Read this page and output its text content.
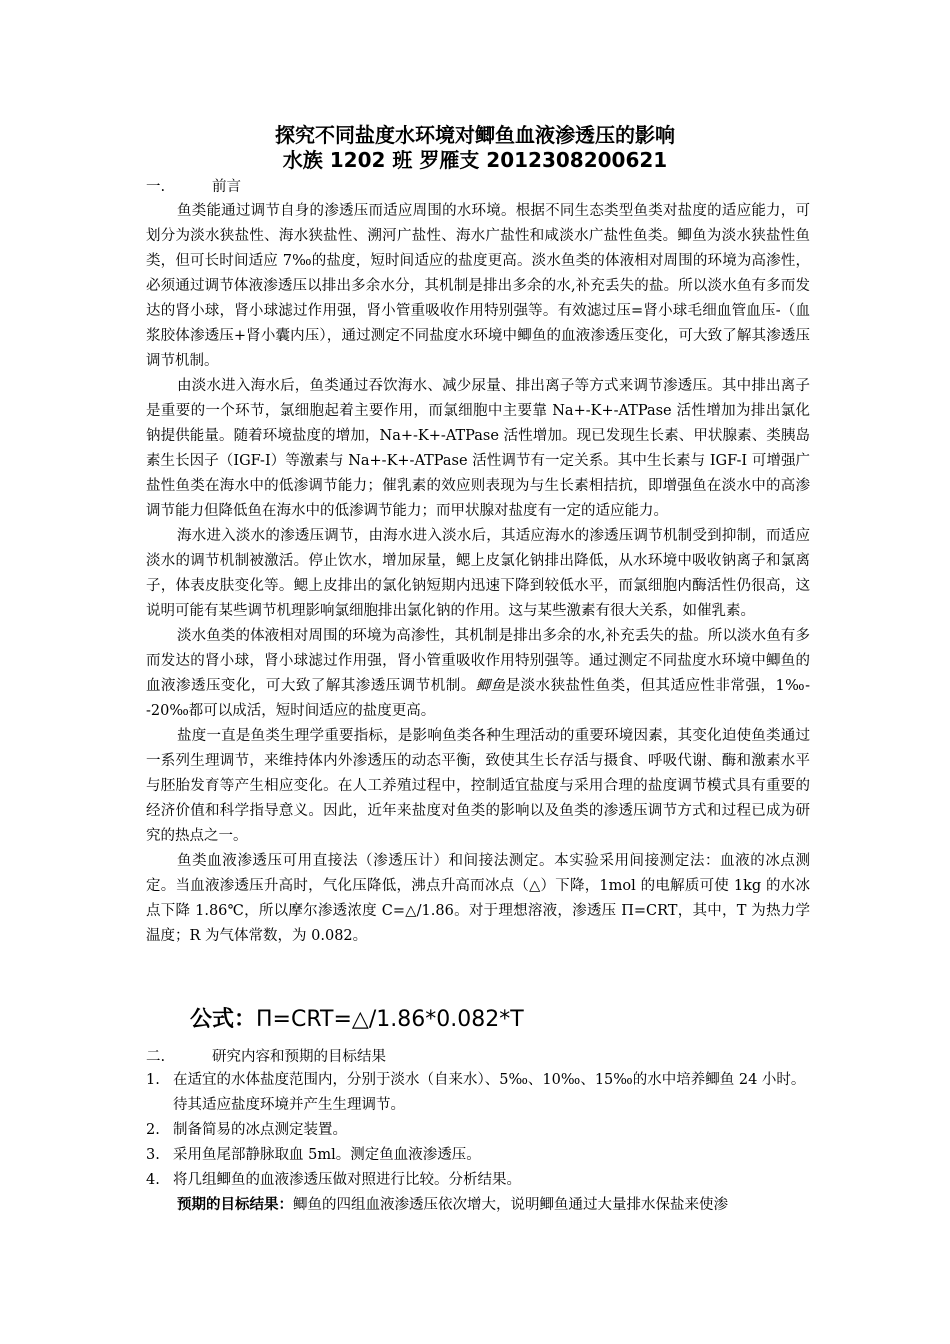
探究不同盐度水环境对鲫鱼血液渗透压的影响
水族 1202 班 罗雁支 2012308200621
一.	前言

鱼类能通过调节自身的渗透压而适应周围的水环境。根据不同生态类型鱼类对盐度的适应能力，可划分为淡水狭盐性、海水狭盐性、溯河广盐性、海水广盐性和咸淡水广盐性鱼类。鲫鱼为淡水狭盐性鱼类，但可长时间适应 7‰的盐度，短时间适应的盐度更高。淡水鱼类的体液相对周围的环境为高渗性，必须通过调节体液渗透压以排出多余水分，其机制是排出多余的水,补充丢失的盐。所以淡水鱼有多而发达的肾小球，肾小球滤过作用强，肾小管重吸收作用特别强等。有效滤过压=肾小球毛细血管血压-（血浆胶体渗透压+肾小囊内压），通过测定不同盐度水环境中鲫鱼的血液渗透压变化，可大致了解其渗透压调节机制。

由淡水进入海水后，鱼类通过吞饮海水、减少尿量、排出离子等方式来调节渗透压。其中排出离子是重要的一个环节，氯细胞起着主要作用，而氯细胞中主要靠 Na+-K+-ATPase 活性增加为排出氯化钠提供能量。随着环境盐度的增加，Na+-K+-ATPase 活性增加。现已发现生长素、甲状腺素、类胰岛素生长因子（IGF-I）等激素与 Na+-K+-ATPase 活性调节有一定关系。其中生长素与 IGF-I 可增强广盐性鱼类在海水中的低渗调节能力；催乳素的效应则表现为与生长素相拮抗，即增强鱼在淡水中的高渗调节能力但降低鱼在海水中的低渗调节能力；而甲状腺对盐度有一定的适应能力。

海水进入淡水的渗透压调节，由海水进入淡水后，其适应海水的渗透压调节机制受到抑制，而适应淡水的调节机制被激活。停止饮水，增加尿量，鳃上皮氯化钠排出降低，从水环境中吸收钠离子和氯离子，体表皮肤变化等。鳃上皮排出的氯化钠短期内迅速下降到较低水平，而氯细胞内酶活性仍很高，这说明可能有某些调节机理影响氯细胞排出氯化钠的作用。这与某些激素有很大关系，如催乳素。

淡水鱼类的体液相对周围的环境为高渗性，其机制是排出多余的水,补充丢失的盐。所以淡水鱼有多而发达的肾小球，肾小球滤过作用强，肾小管重吸收作用特别强等。通过测定不同盐度水环境中鲫鱼的血液渗透压变化，可大致了解其渗透压调节机制。鲫鱼是淡水狭盐性鱼类，但其适应性非常强，1‰--20‰都可以成活，短时间适应的盐度更高。

盐度一直是鱼类生理学重要指标，是影响鱼类各种生理活动的重要环境因素，其变化迫使鱼类通过一系列生理调节，来维持体内外渗透压的动态平衡，致使其生长存活与摄食、呼吸代谢、酶和激素水平与胚胎发育等产生相应变化。在人工养殖过程中，控制适宜盐度与采用合理的盐度调节模式具有重要的经济价值和科学指导意义。因此，近年来盐度对鱼类的影响以及鱼类的渗透压调节方式和过程已成为研究的热点之一。

鱼类血液渗透压可用直接法（渗透压计）和间接法测定。本实验采用间接测定法：血液的冰点测定。当血液渗透压升高时，气化压降低，沸点升高而冰点（△）下降，1mol 的电解质可使 1kg 的水冰点下降 1.86℃，所以摩尔渗透浓度 C=△/1.86。对于理想溶液，渗透压 Π=CRT，其中，T 为热力学温度；R 为气体常数，为 0.082。

公式：Π=CRT=△/1.86*0.082*T
二.	研究内容和预期的目标结果
1. 在适宜的水体盐度范围内，分别于淡水（自来水）、5‰、10‰、15‰的水中培养鲫鱼 24 小时。待其适应盐度环境并产生生理调节。
2. 制备简易的冰点测定装置。
3. 采用鱼尾部静脉取血 5ml。测定鱼血液渗透压。
4. 将几组鲫鱼的血液渗透压做对照进行比较。分析结果。
预期的目标结果：鲫鱼的四组血液渗透压依次增大，说明鲫鱼通过大量排水保盐来使渗
